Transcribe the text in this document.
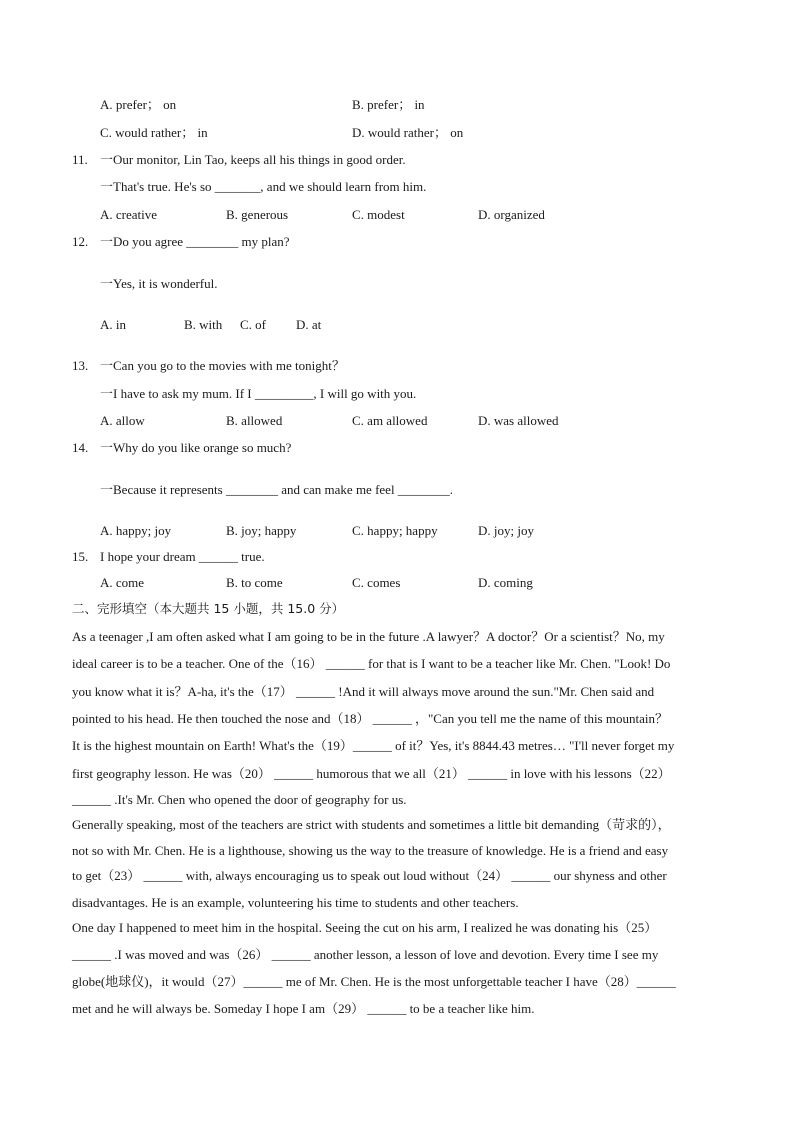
A. prefer； on	B. prefer； in
C. would rather； in	D. would rather； on
11. 一Our monitor, Lin Tao, keeps all his things in good order.
一That's true. He's so _______, and we should learn from him.
A. creative	B. generous	C. modest	D. organized
12. 一Do you agree ________ my plan?
一Yes, it is wonderful.
A. in	B. with C. of D. at
13. 一Can you go to the movies with me tonight？
一I have to ask my mum. If I _________, I will go with you.
A. allow	B. allowed	C. am allowed	D. was allowed
14. 一Why do you like orange so much?
一Because it represents ________ and can make me feel ________.
A. happy; joy	B. joy; happy	C. happy; happy	D. joy; joy
15. I hope your dream ______ true.
A. come	B. to come	C. comes	D. coming
二、完形填空（本大题共 15 小题，共 15.0 分）
As a teenager ,I am often asked what I am going to be in the future .A lawyer？A doctor？Or a scientist？No, my
ideal career is to be a teacher. One of the（16） ______ for that is I want to be a teacher like Mr. Chen. "Look! Do
you know what it is？A-ha, it's the（17） ______ !And it will always move around the sun."Mr. Chen said and
pointed to his head. He then touched the nose and（18） ______ ，"Can you tell me the name of this mountain？
It is the highest mountain on Earth! What's the（19）______ of it？Yes, it's 8844.43 metres… "I'll never forget my
first geography lesson. He was（20） ______ humorous that we all（21） ______ in love with his lessons（22）
______ .It's Mr. Chen who opened the door of geography for us.
Generally speaking, most of the teachers are strict with students and sometimes a little bit demanding（苛求的），
not so with Mr. Chen. He is a lighthouse, showing us the way to the treasure of knowledge. He is a friend and easy
to get（23） ______ with, always encouraging us to speak out loud without（24） ______ our shyness and other
disadvantages. He is an example, volunteering his time to students and other teachers.
One day I happened to meet him in the hospital. Seeing the cut on his arm, I realized he was donating his（25）
______ .I was moved and was（26） ______ another lesson, a lesson of love and devotion. Every time I see my
globe(地球仪)，it would（27）______ me of Mr. Chen. He is the most unforgettable teacher I have（28）______
met and he will always be. Someday I hope I am（29） ______ to be a teacher like him.
